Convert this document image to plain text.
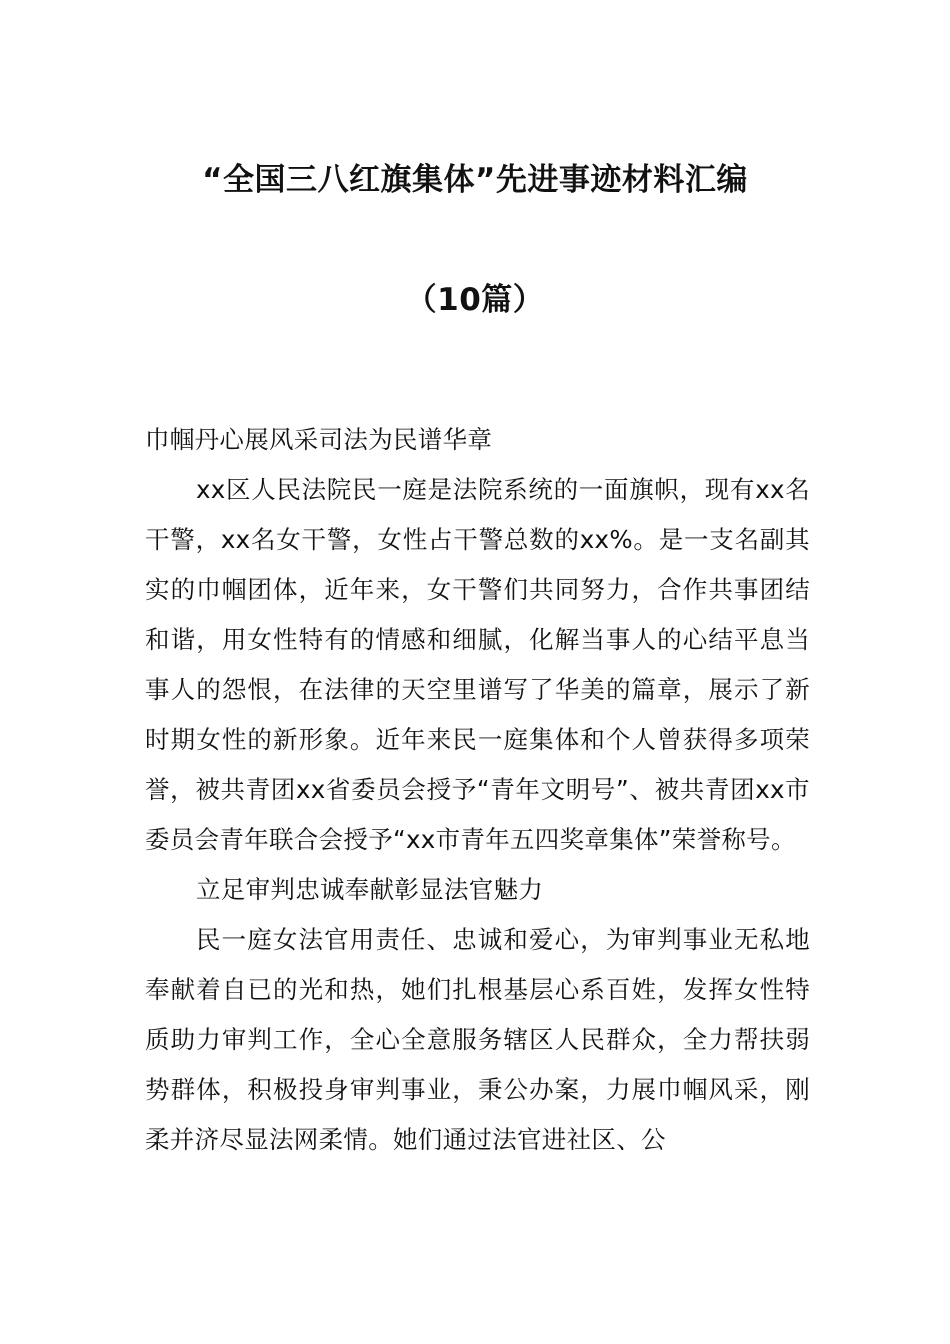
“全国三八红旗集体”先进事迹材料汇编
（10篇）

巾帼丹心展风采司法为民谱华章

xx区人民法院民一庭是法院系统的一面旗帜，现有xx名干警，xx名女干警，女性占干警总数的xx%。是一支名副其实的巾帼团体，近年来，女干警们共同努力，合作共事团结和谐，用女性特有的情感和细腻，化解当事人的心结平息当事人的怨恨，在法律的天空里谱写了华美的篇章，展示了新时期女性的新形象。近年来民一庭集体和个人曾获得多项荣誉，被共青团xx省委员会授予“青年文明号”、被共青团xx市委员会青年联合会授予“xx市青年五四奖章集体”荣誉称号。

立足审判忠诚奉献彰显法官魅力

民一庭女法官用责任、忠诚和爱心，为审判事业无私地奉献着自已的光和热，她们扎根基层心系百姓，发挥女性特质助力审判工作，全心全意服务辖区人民群众，全力帮扶弱势群体，积极投身审判事业，秉公办案，力展巾帼风采，刚柔并济尽显法网柔情。她们通过法官进社区、公
